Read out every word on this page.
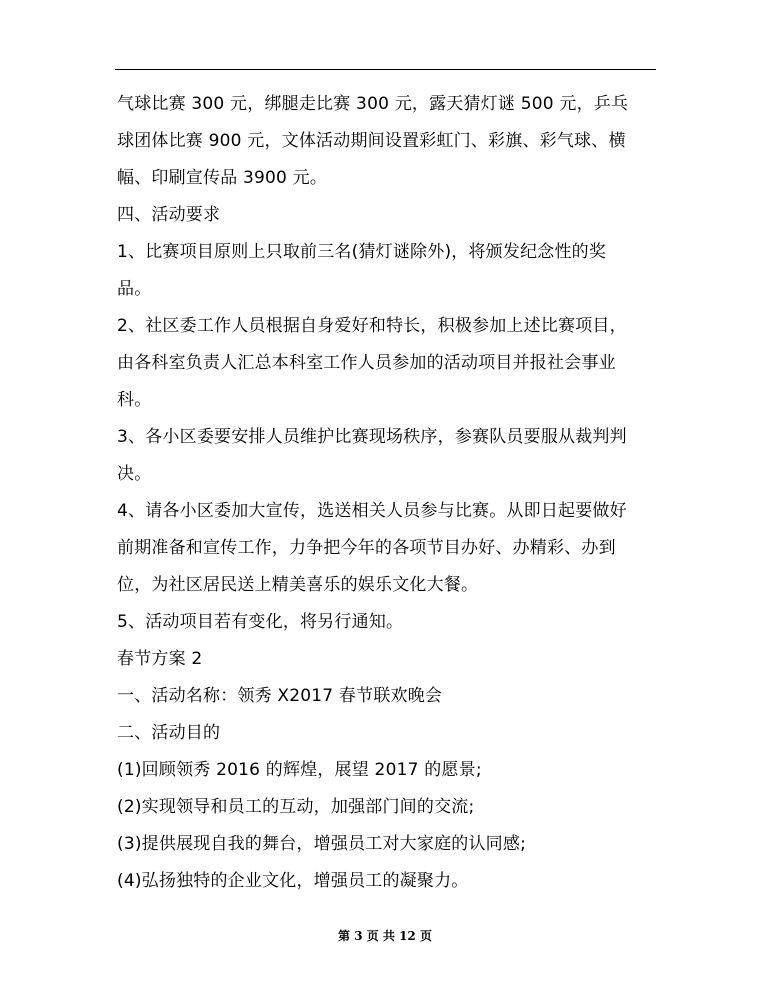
气球比赛 300 元，绑腿走比赛 300 元，露天猜灯谜 500 元，乒乓
球团体比赛 900 元，文体活动期间设置彩虹门、彩旗、彩气球、横
幅、印刷宣传品 3900 元。
四、活动要求
1、比赛项目原则上只取前三名(猜灯谜除外)，将颁发纪念性的奖
品。
2、社区委工作人员根据自身爱好和特长，积极参加上述比赛项目，
由各科室负责人汇总本科室工作人员参加的活动项目并报社会事业
科。
3、各小区委要安排人员维护比赛现场秩序，参赛队员要服从裁判判
决。
4、请各小区委加大宣传，选送相关人员参与比赛。从即日起要做好
前期准备和宣传工作，力争把今年的各项节目办好、办精彩、办到
位，为社区居民送上精美喜乐的娱乐文化大餐。
5、活动项目若有变化，将另行通知。
春节方案 2
一、活动名称：领秀 X2017 春节联欢晚会
二、活动目的
(1)回顾领秀 2016 的辉煌，展望 2017 的愿景;
(2)实现领导和员工的互动，加强部门间的交流;
(3)提供展现自我的舞台，增强员工对大家庭的认同感;
(4)弘扬独特的企业文化，增强员工的凝聚力。
第 3 页 共 12 页
